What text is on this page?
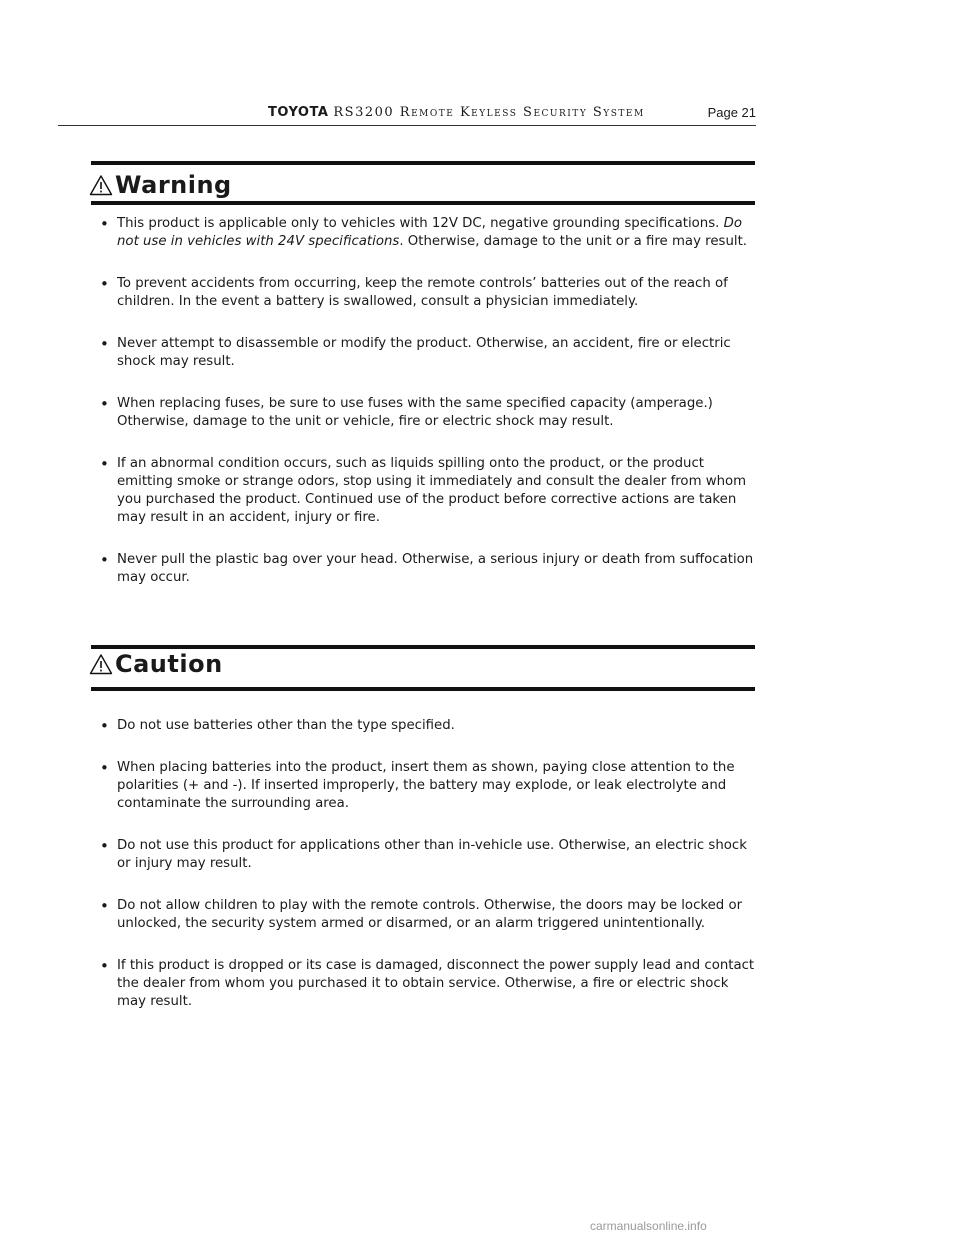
TOYOTA RS3200 Remote Keyless Security System	Page 21
Warning
• This product is applicable only to vehicles with 12V DC, negative grounding specifications. Do not use in vehicles with 24V specifications. Otherwise, damage to the unit or a fire may result.
• To prevent accidents from occurring, keep the remote controls’ batteries out of the reach of children. In the event a battery is swallowed, consult a physician immediately.
• Never attempt to disassemble or modify the product. Otherwise, an accident, fire or electric shock may result.
• When replacing fuses, be sure to use fuses with the same specified capacity (amperage.) Otherwise, damage to the unit or vehicle, fire or electric shock may result.
• If an abnormal condition occurs, such as liquids spilling onto the product, or the product emitting smoke or strange odors, stop using it immediately and consult the dealer from whom you purchased the product. Continued use of the product before corrective actions are taken may result in an accident, injury or fire.
• Never pull the plastic bag over your head. Otherwise, a serious injury or death from suffocation may occur.
Caution
• Do not use batteries other than the type specified.
• When placing batteries into the product, insert them as shown, paying close attention to the polarities (+ and -). If inserted improperly, the battery may explode, or leak electrolyte and contaminate the surrounding area.
• Do not use this product for applications other than in-vehicle use. Otherwise, an electric shock or injury may result.
• Do not allow children to play with the remote controls. Otherwise, the doors may be locked or unlocked, the security system armed or disarmed, or an alarm triggered unintentionally.
• If this product is dropped or its case is damaged, disconnect the power supply lead and contact the dealer from whom you purchased it to obtain service. Otherwise, a fire or electric shock may result.
carmanualsonline.info
